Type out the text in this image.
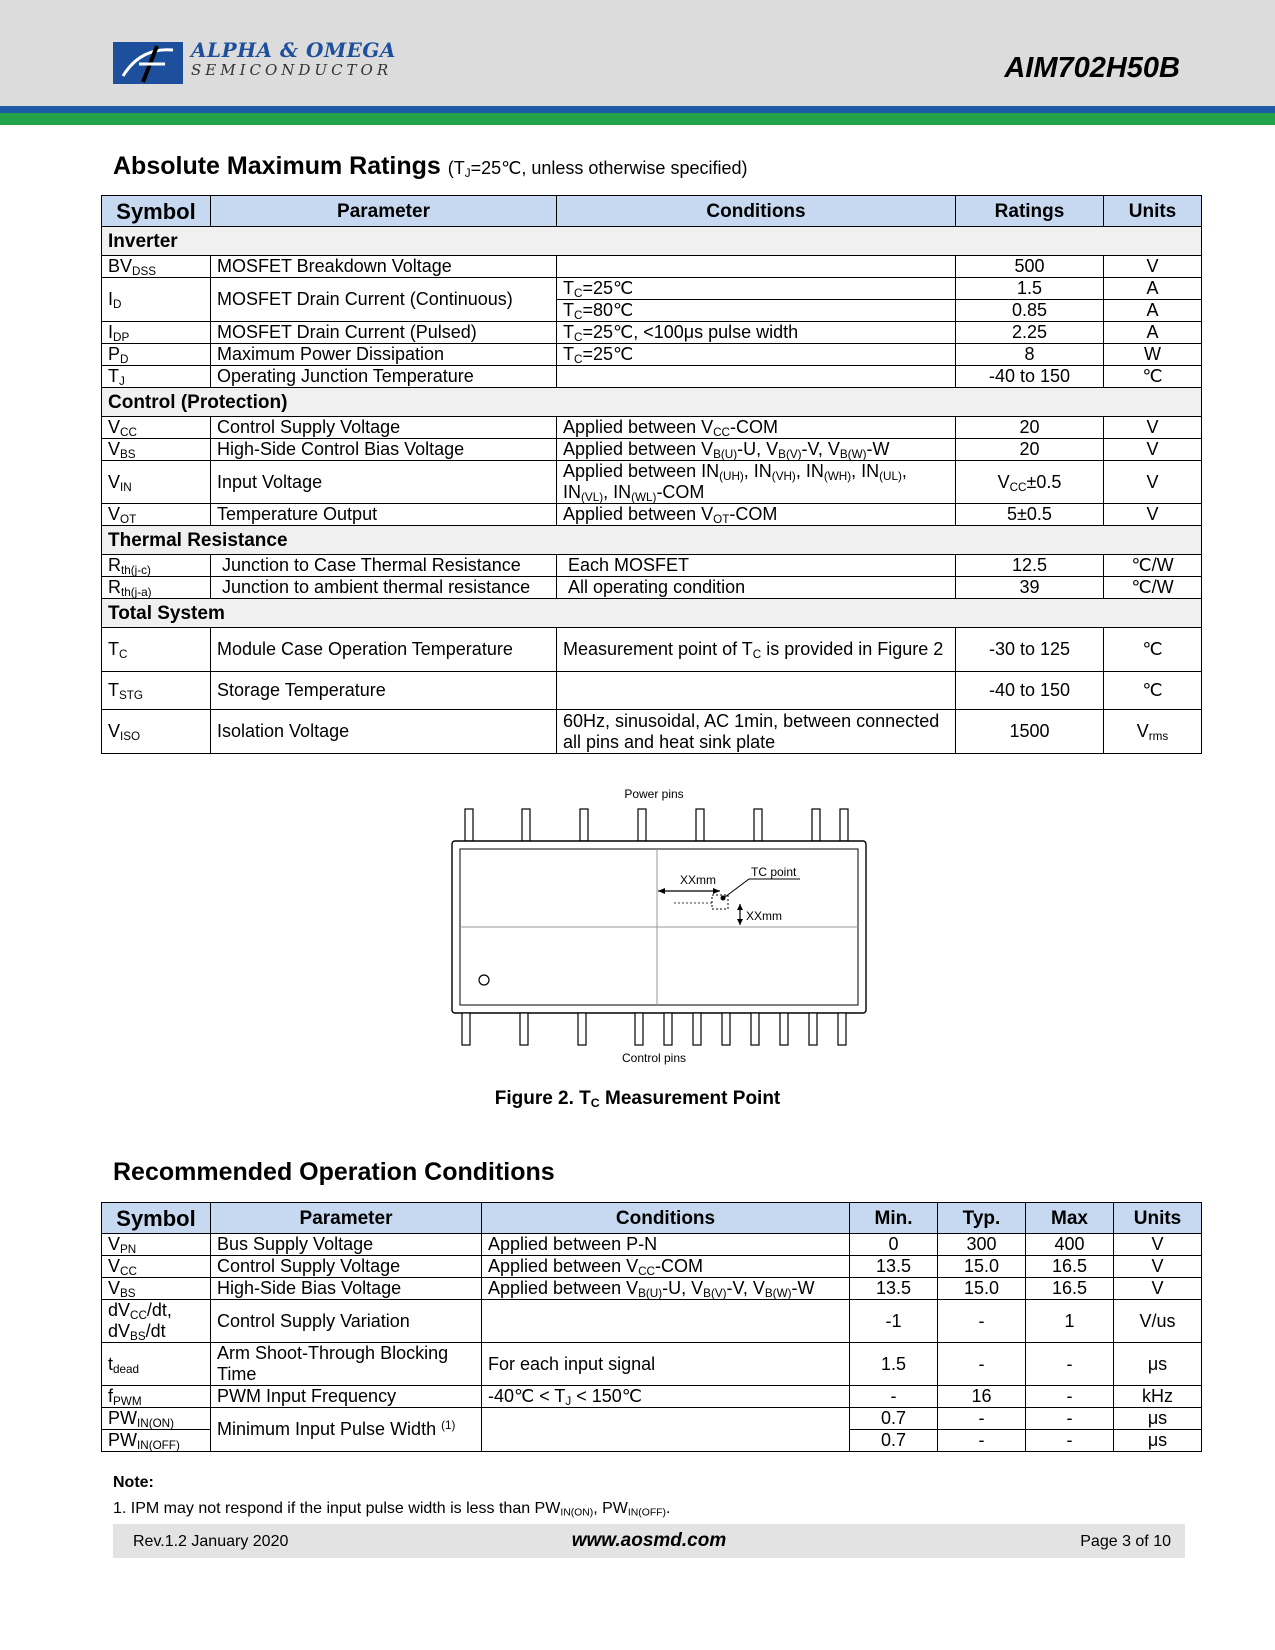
ALPHA & OMEGA
SEMICONDUCTOR	AIM702H50B
Absolute Maximum Ratings ($T_J=25℃$, unless otherwise specified)
Symbol	Parameter	Conditions	Ratings	Units
Inverter				
$BV_{DSS}$	MOSFET Breakdown Voltage		500	V
$I_D$	MOSFET Drain Current (Continuous)	$T_C=25℃$	1.5	A
		$T_C=80℃$	0.85	A
$I_{DP}$	MOSFET Drain Current (Pulsed)	$T_C=25℃$, <100μs pulse width	2.25	A
$P_D$	Maximum Power Dissipation	$T_C=25℃$	8	W
$T_J$	Operating Junction Temperature		-40 to 150	℃
Control (Protection)				
$V_{CC}$	Control Supply Voltage	Applied between $V_{CC}$-COM	20	V
$V_{BS}$	High-Side Control Bias Voltage	Applied between $V_{B(U)}-U$, $V_{B(V)}-V$, $V_{B(W)}-W$	20	V
$V_{IN}$	Input Voltage	Applied between $IN_{(UH)}$, $IN_{(VH)}$, $IN_{(WH)}$, $IN_{(UL)}$, $IN_{(VL)}$, $IN_{(WL)}$-COM	$V_{CC}\pm 0.5$	V
$V_{OT}$	Temperature Output	Applied between $V_{OT}$-COM	5±0.5	V
Thermal Resistance				
$R_{th(j-c)}$	Junction to Case Thermal Resistance	Each MOSFET	12.5	℃/W
$R_{th(j-a)}$	Junction to ambient thermal resistance	All operating condition	39	℃/W
Total System				
$T_C$	Module Case Operation Temperature	Measurement point of $T_C$ is provided in Figure 2	-30 to 125	℃
$T_{STG}$	Storage Temperature		-40 to 150	℃
$V_{ISO}$	Isolation Voltage	60Hz, sinusoidal, AC 1min, between connected all pins and heat sink plate	1500	$V_{rms}$
Power pins
XXmm
XXmm
TC point
Control pins
Figure 2. $T_C$ Measurement Point
Recommended Operation Conditions
Symbol	Parameter	Conditions	Min.	Typ.	Max	Units
$V_{PN}$	Bus Supply Voltage	Applied between P-N	0	300	400	V
$V_{CC}$	Control Supply Voltage	Applied between $V_{CC}$-COM	13.5	15.0	16.5	V
$V_{BS}$	High-Side Bias Voltage	Applied between $V_{B(U)}-U$, $V_{B(V)}-V$, $V_{B(W)}-W$	13.5	15.0	16.5	V
$dV_{CC}/dt$, $dV_{BS}/dt$	Control Supply Variation		-1	-	1	V/us
$t_{dead}$	Arm Shoot-Through Blocking Time	For each input signal	1.5	-	-	μs
$f_{PWM}$	PWM Input Frequency	-40℃ < $T_J$ < 150℃	-	16	-	kHz
$PW_{IN(ON)}$	Minimum Input Pulse Width $^{(1)}$		0.7	-	-	μs
$PW_{IN(OFF)}$			0.7	-	-	μs
Note:
1. IPM may not respond if the input pulse width is less than $PW_{IN(ON)}$, $PW_{IN(OFF)}$.
Rev.1.2 January 2020	www.aosmd.com	Page 3 of 10
